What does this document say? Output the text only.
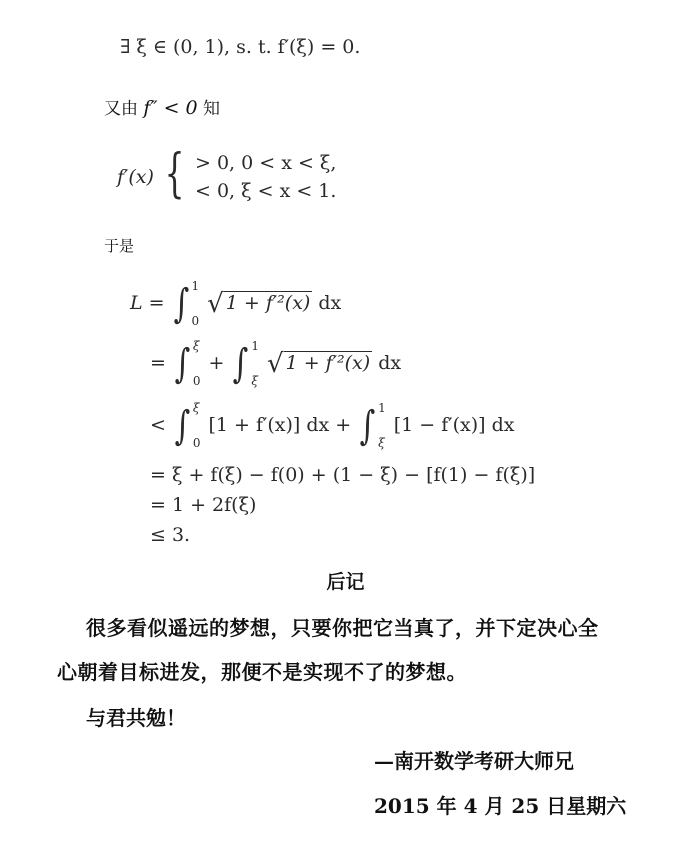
∃ ξ ∈ (0, 1), s. t. f′(ξ) = 0.
又由 f″ < 0 知
f′(x) { > 0, 0 < x < ξ,
< 0, ξ < x < 1.
于是
L = ∫ 1
0
√ 1 + f′²(x) dx
= ∫ ξ
0
+ ∫ 1
ξ
√ 1 + f′²(x) dx
< ∫ ξ
0
[1 + f′(x)] dx + ∫ 1
ξ
[1 − f′(x)] dx
= ξ + f(ξ) − f(0) + (1 − ξ) − [f(1) − f(ξ)]
= 1 + 2f(ξ)
≤ 3.
后记
很多看似遥远的梦想，只要你把它当真了，并下定决心全
心朝着目标进发，那便不是实现不了的梦想。
与君共勉！
—南开数学考研大师兄
2015 年 4 月 25 日星期六
